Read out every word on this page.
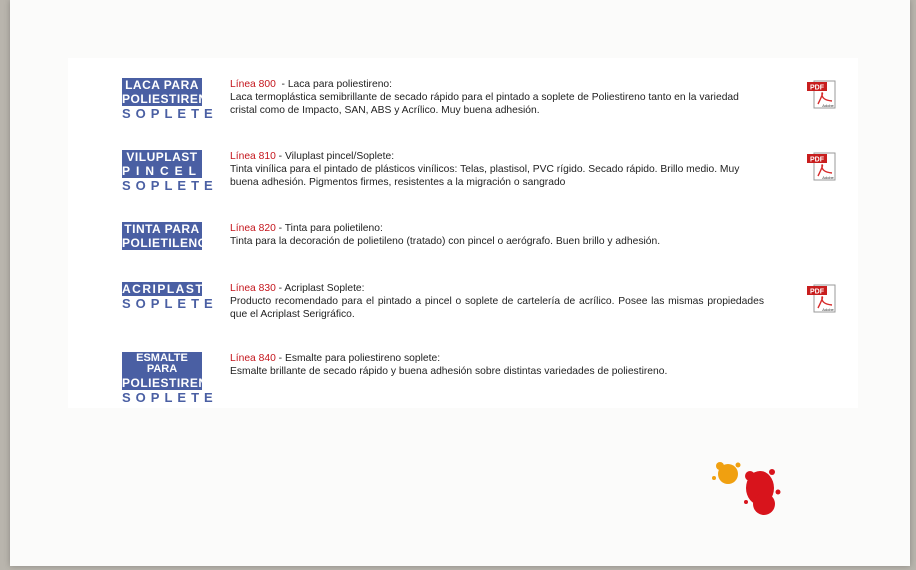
LACA PARA
POLIESTIRENO
SOPLETE
Línea 800  - Laca para poliestireno:
Laca termoplástica semibrillante de secado rápido para el pintado a soplete de Poliestireno tanto en la variedad cristal como de Impacto, SAN, ABS y Acrílico. Muy buena adhesión.
PDF
Adobe
VILUPLAST
PINCEL
SOPLETE
Línea 810 - Viluplast pincel/Soplete:
Tinta vinílica para el pintado de plásticos vinílicos: Telas, plastisol, PVC rígido. Secado rápido. Brillo medio. Muy buena adhesión. Pigmentos firmes, resistentes a la migración o sangrado
PDF
Adobe
TINTA PARA
POLIETILENO
Línea 820 - Tinta para polietileno:
Tinta para la decoración de polietileno (tratado) con pincel o aerógrafo. Buen brillo y adhesión.
ACRIPLAST
SOPLETE
Línea 830 - Acriplast Soplete:
Producto recomendado para el pintado a pincel o soplete de cartelería de acrílico. Posee las mismas propiedades que el Acriplast Serigráfico.
PDF
Adobe
ESMALTE PARA
POLIESTIRENO
SOPLETE
Línea 840 - Esmalte para poliestireno soplete:
Esmalte brillante de secado rápido y buena adhesión sobre distintas variedades de poliestireno.
